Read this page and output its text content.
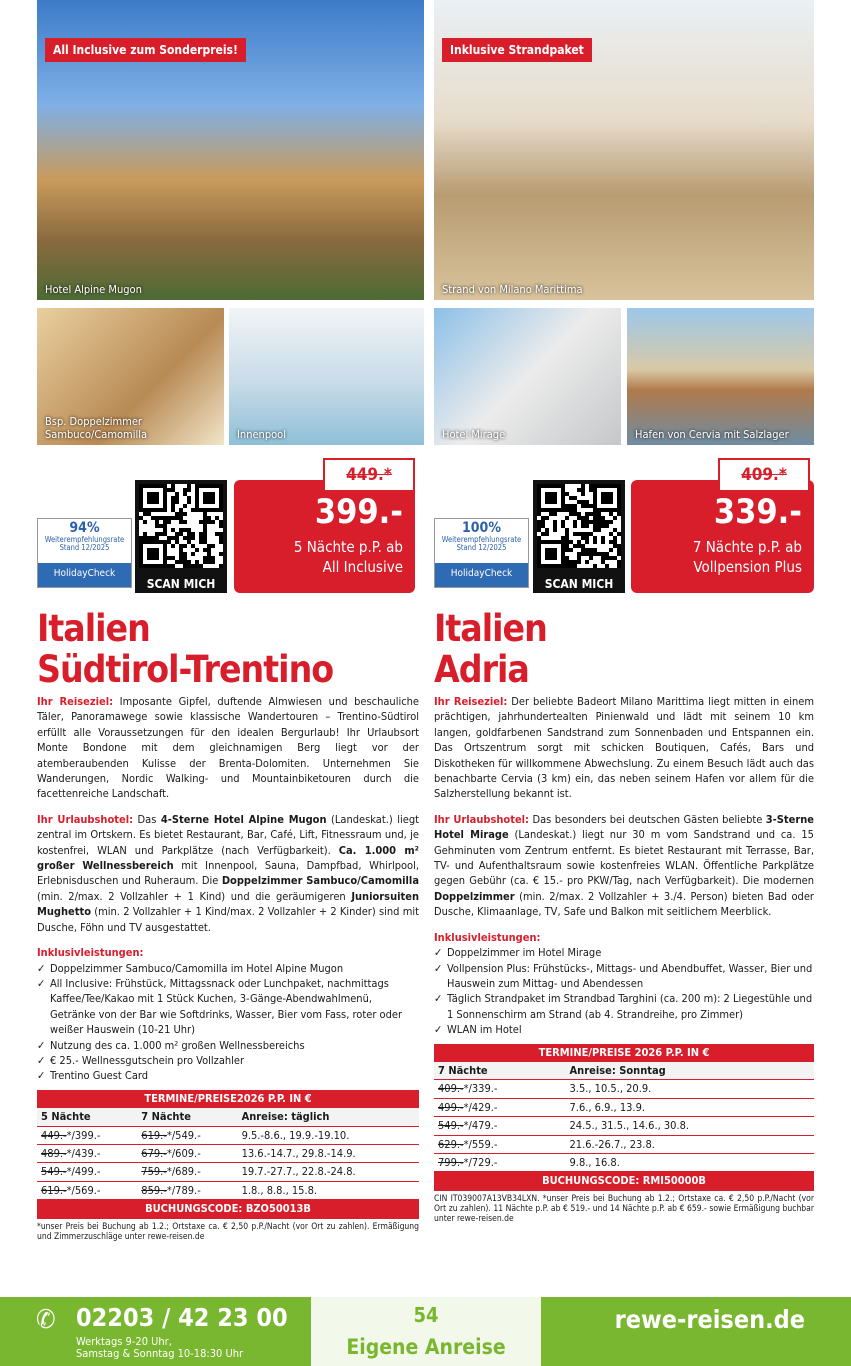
All Inclusive zum Sonderpreis!
Hotel Alpine Mugon
Bsp. Doppelzimmer
Sambuco/Camomilla	Innenpool
94%
Weiterempfehlungsrate
Stand 12/2025
HolidayCheck
SCAN MICH
399.-
5 Nächte p.P. ab
All Inclusive
449.*
Italien
Südtirol-Trentino

Ihr Reiseziel: Imposante Gipfel, duftende Almwiesen und beschauliche Täler, Panoramawege sowie klassische Wandertouren – Trentino-Südtirol erfüllt alle Voraussetzungen für den idealen Bergurlaub! Ihr Urlaubsort Monte Bondone mit dem gleichnamigen Berg liegt vor der atemberaubenden Kulisse der Brenta-Dolomiten. Unternehmen Sie Wanderungen, Nordic Walking- und Mountainbiketouren durch die facettenreiche Landschaft.

Ihr Urlaubshotel: Das 4-Sterne Hotel Alpine Mugon (Landeskat.) liegt zentral im Ortskern. Es bietet Restaurant, Bar, Café, Lift, Fitnessraum und, je kostenfrei, WLAN und Parkplätze (nach Verfügbarkeit). Ca. 1.000 m² großer Wellnessbereich mit Innenpool, Sauna, Dampfbad, Whirlpool, Erlebnisduschen und Ruheraum. Die Doppelzimmer Sambuco/Camomilla (min. 2/max. 2 Vollzahler + 1 Kind) und die geräumigeren Juniorsuiten Mughetto (min. 2 Vollzahler + 1 Kind/max. 2 Vollzahler + 2 Kinder) sind mit Dusche, Föhn und TV ausgestattet.

Inklusivleistungen:
✓ Doppelzimmer Sambuco/Camomilla im Hotel Alpine Mugon
✓ All Inclusive: Frühstück, Mittagssnack oder Lunchpaket, nachmittags Kaffee/Tee/Kakao mit 1 Stück Kuchen, 3-Gänge-Abendwahlmenü, Getränke von der Bar wie Softdrinks, Wasser, Bier vom Fass, roter oder weißer Hauswein (10-21 Uhr)
✓ Nutzung des ca. 1.000 m² großen Wellnessbereichs
✓ € 25.- Wellnessgutschein pro Vollzahler
✓ Trentino Guest Card
TERMINE/PREISE2026 P.P. IN €		
5 Nächte	7 Nächte	Anreise: täglich
449.-*/399.-	619.-*/549.-	9.5.-8.6., 19.9.-19.10.
489.-*/439.-	679.-*/609.-	13.6.-14.7., 29.8.-14.9.
549.-*/499.-	759.-*/689.-	19.7.-27.7., 22.8.-24.8.
619.-*/569.-	859.-*/789.-	1.8., 8.8., 15.8.
BUCHUNGSCODE: BZO50013B		
*unser Preis bei Buchung ab 1.2.; Ortstaxe ca. € 2,50 p.P./Nacht (vor Ort zu zahlen). Ermäßigung und Zimmerzuschläge unter rewe-reisen.de
Inklusive Strandpaket
Strand von Milano Marittima
Hotel Mirage	Hafen von Cervia mit Salzlager
100%
Weiterempfehlungsrate
Stand 12/2025
HolidayCheck
SCAN MICH
339.-
7 Nächte p.P. ab
Vollpension Plus
409.*
Italien
Adria

Ihr Reiseziel: Der beliebte Badeort Milano Marittima liegt mitten in einem prächtigen, jahrhundertealten Pinienwald und lädt mit seinem 10 km langen, goldfarbenen Sandstrand zum Sonnenbaden und Entspannen ein. Das Ortszentrum sorgt mit schicken Boutiquen, Cafés, Bars und Diskotheken für willkommene Abwechslung. Zu einem Besuch lädt auch das benachbarte Cervia (3 km) ein, das neben seinem Hafen vor allem für die Salzherstellung bekannt ist.

Ihr Urlaubshotel: Das besonders bei deutschen Gästen beliebte 3-Sterne Hotel Mirage (Landeskat.) liegt nur 30 m vom Sandstrand und ca. 15 Gehminuten vom Zentrum entfernt. Es bietet Restaurant mit Terrasse, Bar, TV- und Aufenthaltsraum sowie kostenfreies WLAN. Öffentliche Parkplätze gegen Gebühr (ca. € 15.- pro PKW/Tag, nach Verfügbarkeit). Die modernen Doppelzimmer (min. 2/max. 2 Vollzahler + 3./4. Person) bieten Bad oder Dusche, Klimaanlage, TV, Safe und Balkon mit seitlichem Meerblick.

Inklusivleistungen:
✓ Doppelzimmer im Hotel Mirage
✓ Vollpension Plus: Frühstücks-, Mittags- und Abendbuffet, Wasser, Bier und Hauswein zum Mittag- und Abendessen
✓ Täglich Strandpaket im Strandbad Targhini (ca. 200 m): 2 Liegestühle und 1 Sonnenschirm am Strand (ab 4. Strandreihe, pro Zimmer)
✓ WLAN im Hotel
TERMINE/PREISE 2026 P.P. IN €	
7 Nächte	Anreise: Sonntag
409.-*/339.-	3.5., 10.5., 20.9.
499.-*/429.-	7.6., 6.9., 13.9.
549.-*/479.-	24.5., 31.5., 14.6., 30.8.
629.-*/559.-	21.6.-26.7., 23.8.
799.-*/729.-	9.8., 16.8.
BUCHUNGSCODE: RMI50000B	
CIN IT039007A13VB34LXN. *unser Preis bei Buchung ab 1.2.; Ortstaxe ca. € 2,50 p.P./Nacht (vor Ort zu zahlen). 11 Nächte p.P. ab € 519.- und 14 Nächte p.P. ab € 659.- sowie Ermäßigung buchbar unter rewe-reisen.de
✆ 02203 / 42 23 00
Werktags 9-20 Uhr,
Samstag & Sonntag 10-18:30 Uhr
54
Eigene Anreise
rewe-reisen.de
